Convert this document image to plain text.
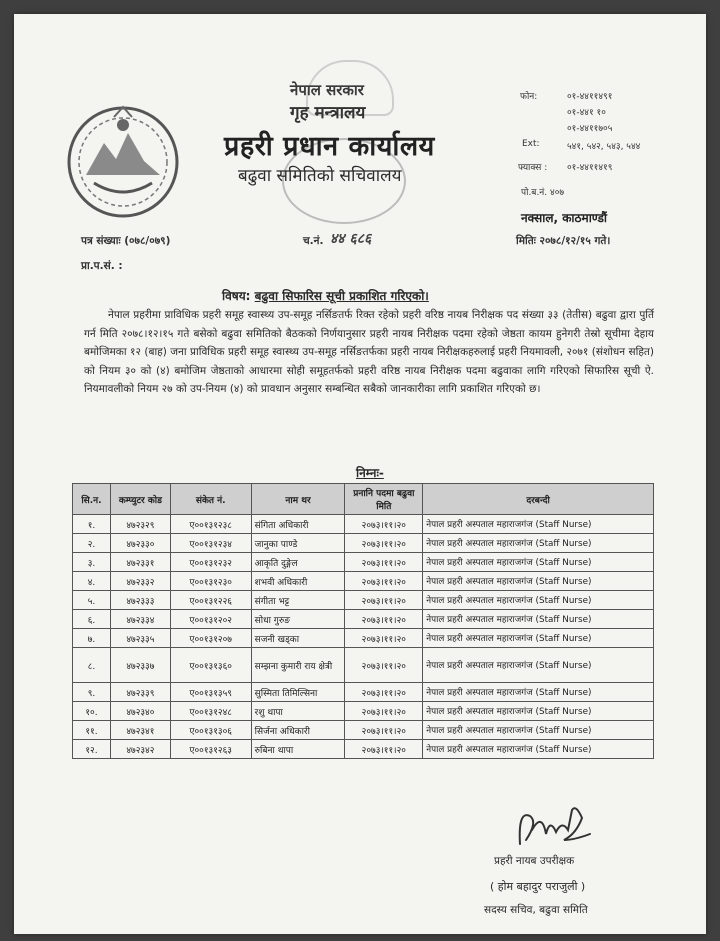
नेपाल सरकार
गृह मन्त्रालय
प्रहरी प्रधान कार्यालय
बढुवा समितिको सचिवालय
फोन:	०१-४४११४९१
०१-४४१ १०
०१-४४११७०५
Ext:	५४१, ५४२, ५४३, ५४४
फ्याक्स : ०१-४४११४१९
पो.ब.नं. ४०७
नक्साल, काठमाण्डौं
पत्र संख्याः (०७८/०७९)	च.नं. ४४ ६८६	मितिः २०७८/१२/१५ गते।
प्रा.प.सं. :
विषय: बढुवा सिफारिस सूची प्रकाशित गरिएको।
नेपाल प्रहरीमा प्राविधिक प्रहरी समूह स्वास्थ्य उप-समूह नर्सिङतर्फ रिक्त रहेको प्रहरी वरिष्ठ नायब निरीक्षक पद संख्या ३३ (तेतीस) बढुवा द्वारा पुर्ति गर्न मिति २०७८।१२।१५ गते बसेको बढुवा समितिको बैठकको निर्णयानुसार प्रहरी नायब निरीक्षक पदमा रहेको जेष्ठता कायम हुनेगरी तेस्रो सूचीमा देहाय बमोजिमका १२ (बाह) जना प्राविधिक प्रहरी समूह स्वास्थ्य उप-समूह नर्सिङतर्फका प्रहरी नायब निरीक्षकहरुलाई प्रहरी नियमावली, २०७१ (संशोधन सहित) को नियम ३० को (४) बमोजिम जेष्ठताको आधारमा सोही समूहतर्फको प्रहरी वरिष्ठ नायब निरीक्षक पदमा बढुवाका लागि गरिएको सिफारिस सूची ऐ. नियमावलीको नियम २७ को उप-नियम (४) को प्रावधान अनुसार सम्बन्धित सबैको जानकारीका लागि प्रकाशित गरिएको छ।
निम्नः-
सि.न.	कम्प्युटर कोड	संकेत नं.	नाम थर	प्रनानि पदमा बढुवा मिति	दरबन्दी
१.	४७२३२९	ए००१३१२३८	संगिता अधिकारी	२०७३।११।२०	नेपाल प्रहरी अस्पताल महाराजगंज (Staff Nurse)
२.	४७२३३०	ए००१३१२३४	जानुका पाण्डे	२०७३।११।२०	नेपाल प्रहरी अस्पताल महाराजगंज (Staff Nurse)
३.	४७२३३१	ए००१३१२३२	आकृति दुङ्गेल	२०७३।११।२०	नेपाल प्रहरी अस्पताल महाराजगंज (Staff Nurse)
४.	४७२३३२	ए००१३१२३०	शभवी अधिकारी	२०७३।११।२०	नेपाल प्रहरी अस्पताल महाराजगंज (Staff Nurse)
५.	४७२३३३	ए००१३१२२६	संगीता भट्ट	२०७३।११।२०	नेपाल प्रहरी अस्पताल महाराजगंज (Staff Nurse)
६.	४७२३३४	ए००१३१२०२	सोधा गुरुङ	२०७३।११।२०	नेपाल प्रहरी अस्पताल महाराजगंज (Staff Nurse)
७.	४७२३३५	ए००१३१२०७	सजनी खड्का	२०७३।११।२०	नेपाल प्रहरी अस्पताल महाराजगंज (Staff Nurse)
८.	४७२३३७	ए००१३१३६०	सम्झना कुमारी राय क्षेत्री	२०७३।११।२०	नेपाल प्रहरी अस्पताल महाराजगंज (Staff Nurse)
९.	४७२३३९	ए००१३१३५९	सुस्मिता तिमिल्सिना	२०७३।११।२०	नेपाल प्रहरी अस्पताल महाराजगंज (Staff Nurse)
१०.	४७२३४०	ए००१३१२४८	रशु थापा	२०७३।११।२०	नेपाल प्रहरी अस्पताल महाराजगंज (Staff Nurse)
११.	४७२३४१	ए००१३१३०६	सिर्जना अधिकारी	२०७३।११।२०	नेपाल प्रहरी अस्पताल महाराजगंज (Staff Nurse)
१२.	४७२३४२	ए००१३१२६३	रुबिना थापा	२०७३।११।२०	नेपाल प्रहरी अस्पताल महाराजगंज (Staff Nurse)
प्रहरी नायब उपरीक्षक
( होम बहादुर पराजुली )
सदस्य सचिव, बढुवा समिति
